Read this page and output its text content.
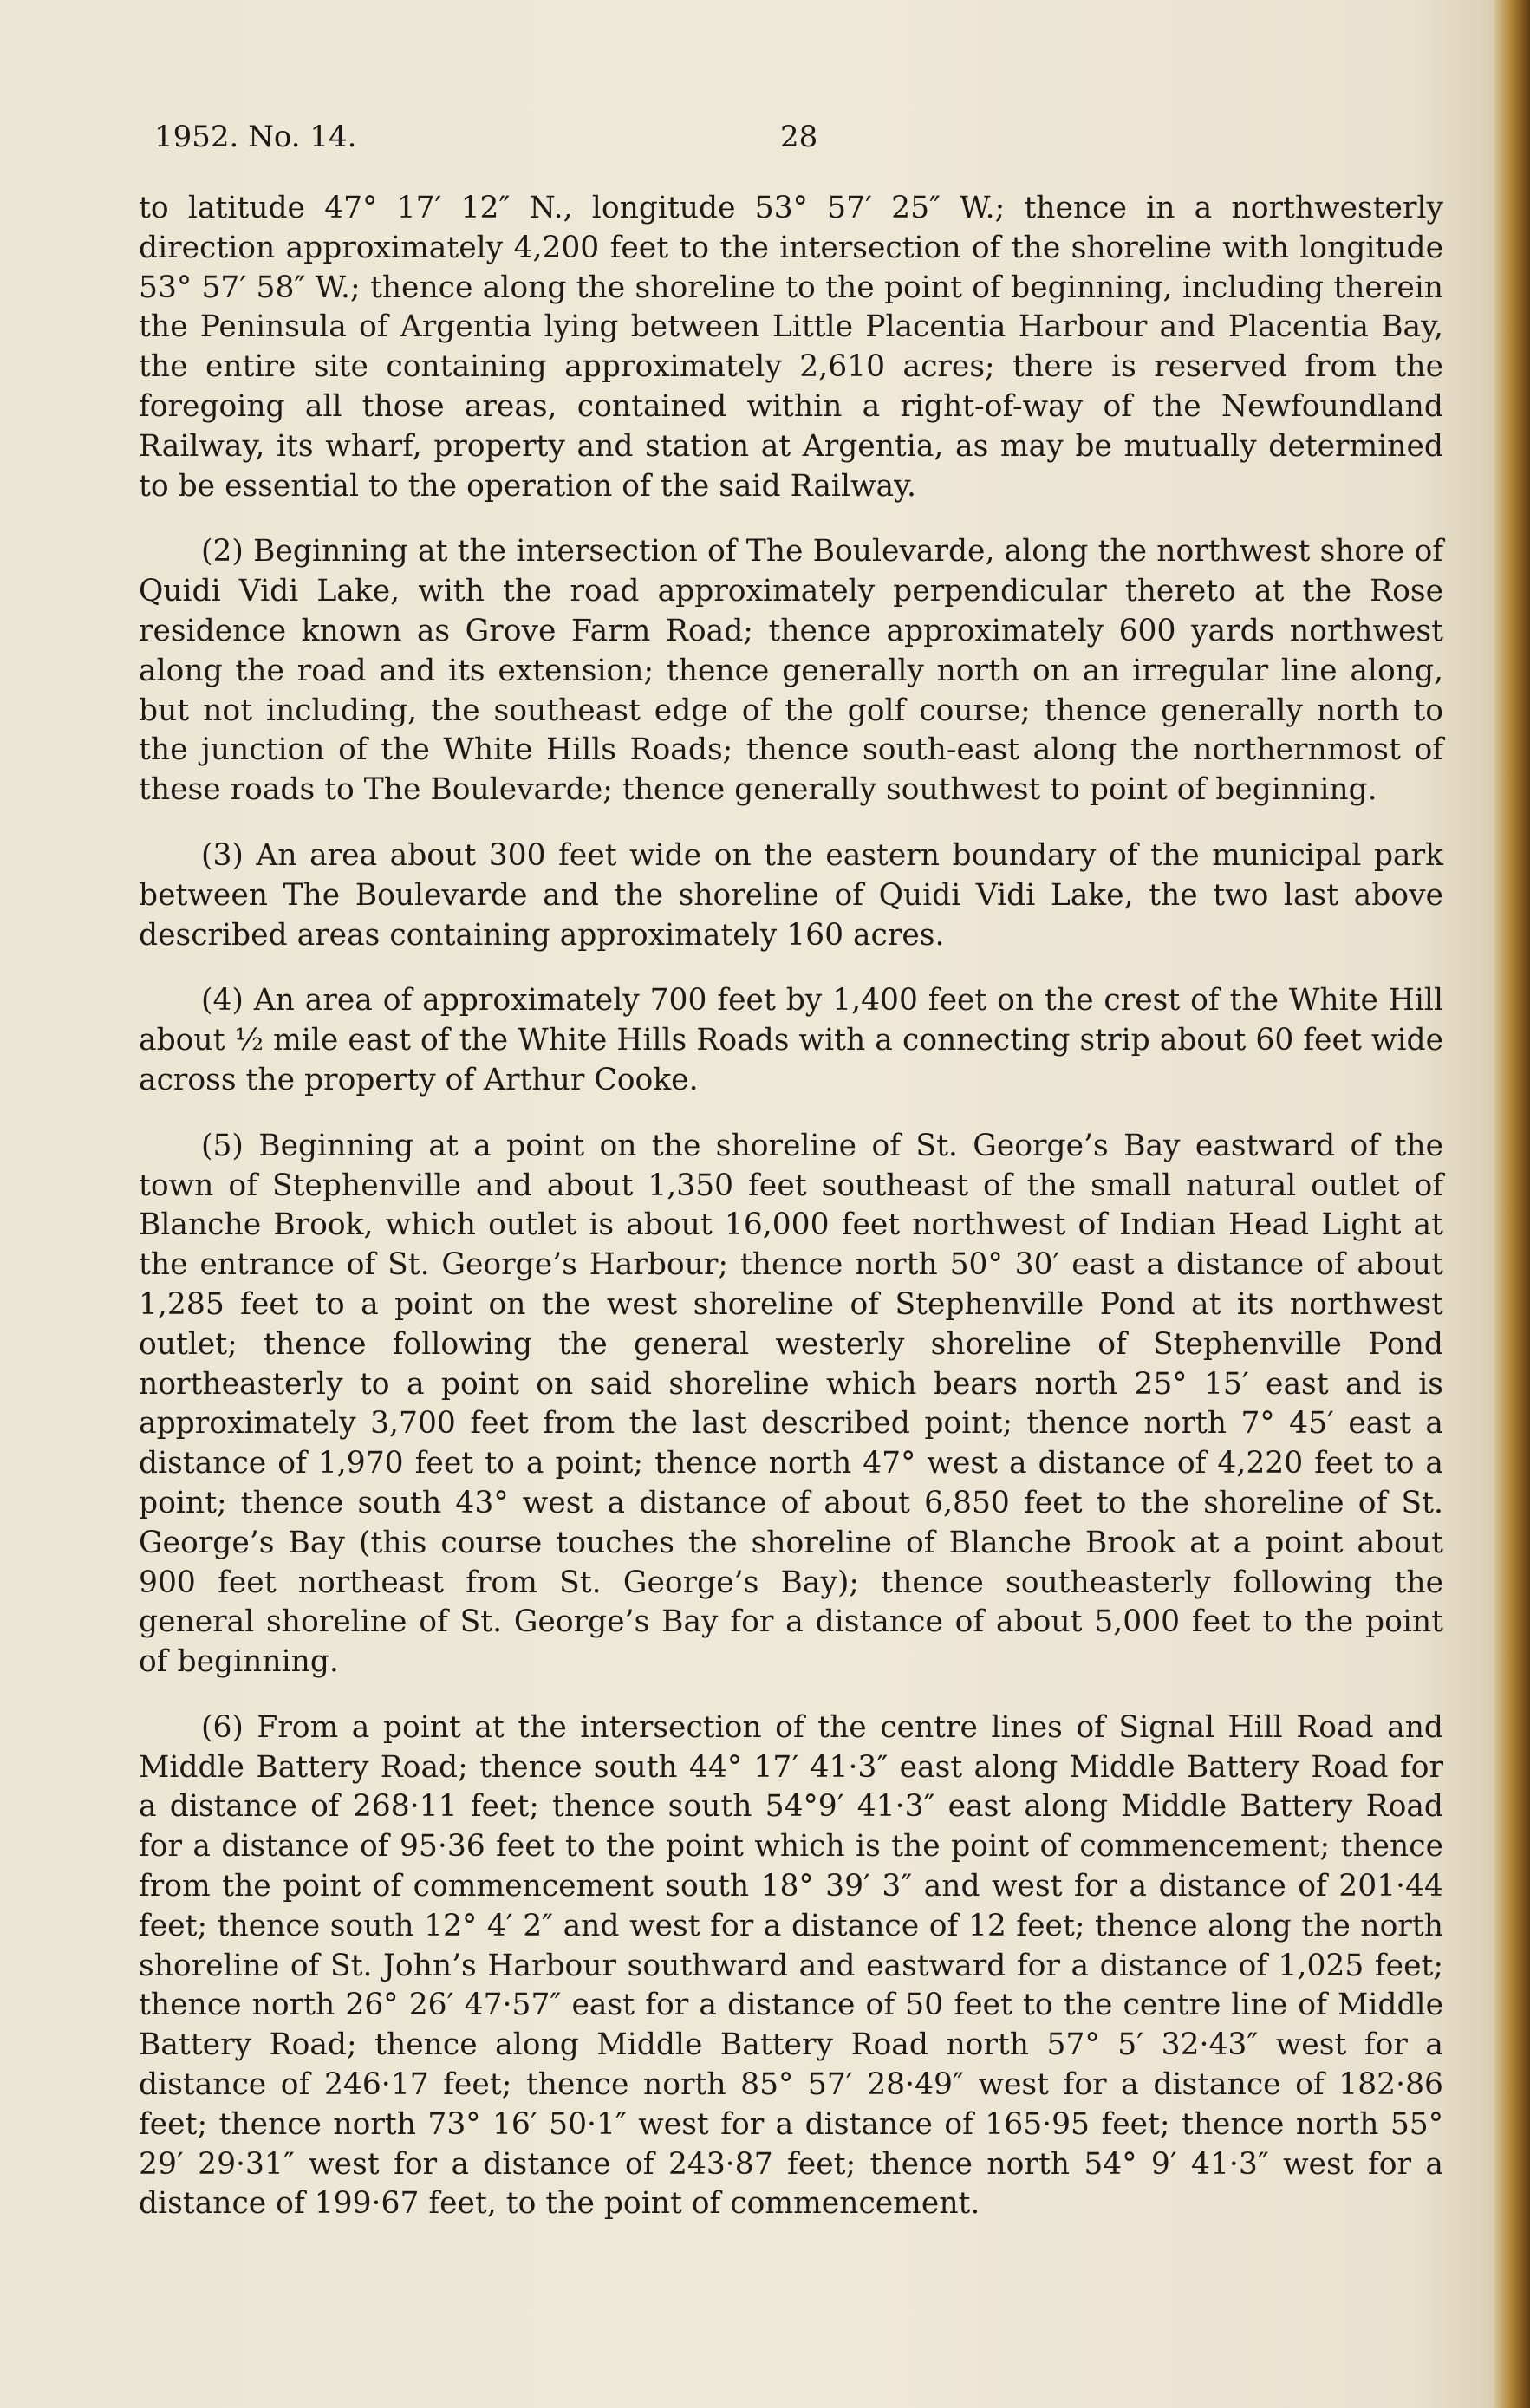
1952. No. 14.	28

to latitude 47° 17′ 12″ N., longitude 53° 57′ 25″ W.; thence in a northwesterly direction approximately 4,200 feet to the intersection of the shoreline with longitude 53° 57′ 58″ W.; thence along the shoreline to the point of beginning, including therein the Peninsula of Argentia lying between Little Placentia Harbour and Placentia Bay, the entire site containing approximately 2,610 acres; there is reserved from the foregoing all those areas, contained within a right-of-way of the Newfoundland Railway, its wharf, property and station at Argentia, as may be mutually determined to be essential to the operation of the said Railway.

(2) Beginning at the intersection of The Boulevarde, along the northwest shore of Quidi Vidi Lake, with the road approximately perpendicular thereto at the Rose residence known as Grove Farm Road; thence approximately 600 yards northwest along the road and its extension; thence generally north on an irregular line along, but not including, the southeast edge of the golf course; thence generally north to the junction of the White Hills Roads; thence south-east along the northernmost of these roads to The Boulevarde; thence generally southwest to point of beginning.

(3) An area about 300 feet wide on the eastern boundary of the municipal park between The Boulevarde and the shoreline of Quidi Vidi Lake, the two last above described areas containing approximately 160 acres.

(4) An area of approximately 700 feet by 1,400 feet on the crest of the White Hill about ½ mile east of the White Hills Roads with a connecting strip about 60 feet wide across the property of Arthur Cooke.

(5) Beginning at a point on the shoreline of St. George’s Bay eastward of the town of Stephenville and about 1,350 feet southeast of the small natural outlet of Blanche Brook, which outlet is about 16,000 feet northwest of Indian Head Light at the entrance of St. George’s Harbour; thence north 50° 30′ east a distance of about 1,285 feet to a point on the west shoreline of Stephenville Pond at its northwest outlet; thence following the general westerly shoreline of Stephenville Pond northeasterly to a point on said shoreline which bears north 25° 15′ east and is approximately 3,700 feet from the last described point; thence north 7° 45′ east a distance of 1,970 feet to a point; thence north 47° west a distance of 4,220 feet to a point; thence south 43° west a distance of about 6,850 feet to the shoreline of St. George’s Bay (this course touches the shoreline of Blanche Brook at a point about 900 feet northeast from St. George’s Bay); thence southeasterly following the general shoreline of St. George’s Bay for a distance of about 5,000 feet to the point of beginning.

(6) From a point at the intersection of the centre lines of Signal Hill Road and Middle Battery Road; thence south 44° 17′ 41·3″ east along Middle Battery Road for a distance of 268·11 feet; thence south 54°9′ 41·3″ east along Middle Battery Road for a distance of 95·36 feet to the point which is the point of commencement; thence from the point of commencement south 18° 39′ 3″ and west for a distance of 201·44 feet; thence south 12° 4′ 2″ and west for a distance of 12 feet; thence along the north shoreline of St. John’s Harbour southward and eastward for a distance of 1,025 feet; thence north 26° 26′ 47·57″ east for a distance of 50 feet to the centre line of Middle Battery Road; thence along Middle Battery Road north 57° 5′ 32·43″ west for a distance of 246·17 feet; thence north 85° 57′ 28·49″ west for a distance of 182·86 feet; thence north 73° 16′ 50·1″ west for a distance of 165·95 feet; thence north 55° 29′ 29·31″ west for a distance of 243·87 feet; thence north 54° 9′ 41·3″ west for a distance of 199·67 feet, to the point of commencement.
